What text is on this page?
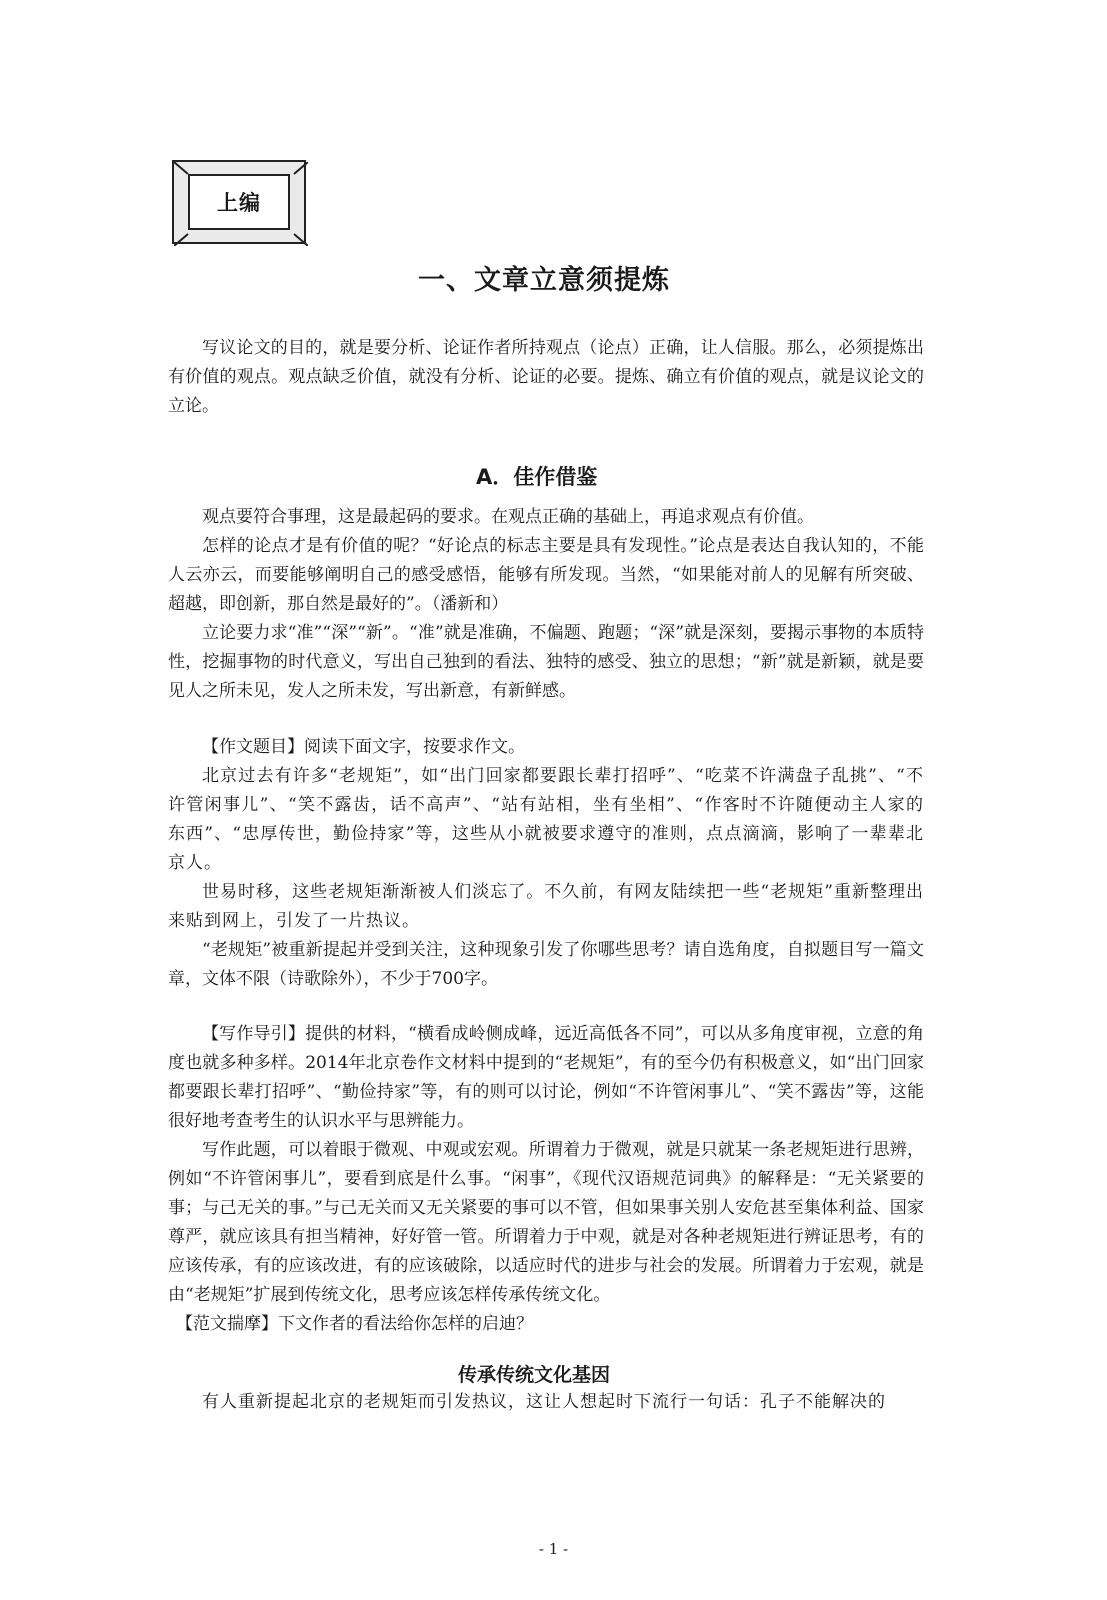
上编
一、文章立意须提炼

写议论文的目的，就是要分析、论证作者所持观点（论点）正确，让人信服。那么，必须提炼出有价值的观点。观点缺乏价值，就没有分析、论证的必要。提炼、确立有价值的观点，就是议论文的立论。

A．佳作借鉴

观点要符合事理，这是最起码的要求。在观点正确的基础上，再追求观点有价值。

怎样的论点才是有价值的呢？“好论点的标志主要是具有发现性。”论点是表达自我认知的，不能人云亦云，而要能够阐明自己的感受感悟，能够有所发现。当然，“如果能对前人的见解有所突破、超越，即创新，那自然是最好的”。（潘新和）

立论要力求“准”“深”“新”。“准”就是准确，不偏题、跑题；“深”就是深刻，要揭示事物的本质特性，挖掘事物的时代意义，写出自己独到的看法、独特的感受、独立的思想；“新”就是新颖，就是要见人之所未见，发人之所未发，写出新意，有新鲜感。

【作文题目】阅读下面文字，按要求作文。

北京过去有许多“老规矩”，如“出门回家都要跟长辈打招呼”、“吃菜不许满盘子乱挑”、“不许管闲事儿”、“笑不露齿，话不高声”、“站有站相，坐有坐相”、“作客时不许随便动主人家的东西”、“忠厚传世，勤俭持家”等，这些从小就被要求遵守的准则，点点滴滴，影响了一辈辈北京人。

世易时移，这些老规矩渐渐被人们淡忘了。不久前，有网友陆续把一些“老规矩”重新整理出来贴到网上，引发了一片热议。

“老规矩”被重新提起并受到关注，这种现象引发了你哪些思考？请自选角度，自拟题目写一篇文章，文体不限（诗歌除外），不少于700字。

【写作导引】提供的材料，“横看成岭侧成峰，远近高低各不同”，可以从多角度审视，立意的角度也就多种多样。2014年北京卷作文材料中提到的“老规矩”，有的至今仍有积极意义，如“出门回家都要跟长辈打招呼”、“勤俭持家”等，有的则可以讨论，例如“不许管闲事儿”、“笑不露齿”等，这能很好地考查考生的认识水平与思辨能力。

写作此题，可以着眼于微观、中观或宏观。所谓着力于微观，就是只就某一条老规矩进行思辨，例如“不许管闲事儿”，要看到底是什么事。“闲事”，《现代汉语规范词典》的解释是：“无关紧要的事；与己无关的事。”与己无关而又无关紧要的事可以不管，但如果事关别人安危甚至集体利益、国家尊严，就应该具有担当精神，好好管一管。所谓着力于中观，就是对各种老规矩进行辨证思考，有的应该传承，有的应该改进，有的应该破除，以适应时代的进步与社会的发展。所谓着力于宏观，就是由“老规矩”扩展到传统文化，思考应该怎样传承传统文化。

【范文揣摩】下文作者的看法给你怎样的启迪？

传承传统文化基因

有人重新提起北京的老规矩而引发热议，这让人想起时下流行一句话：孔子不能解决的

- 1 -
